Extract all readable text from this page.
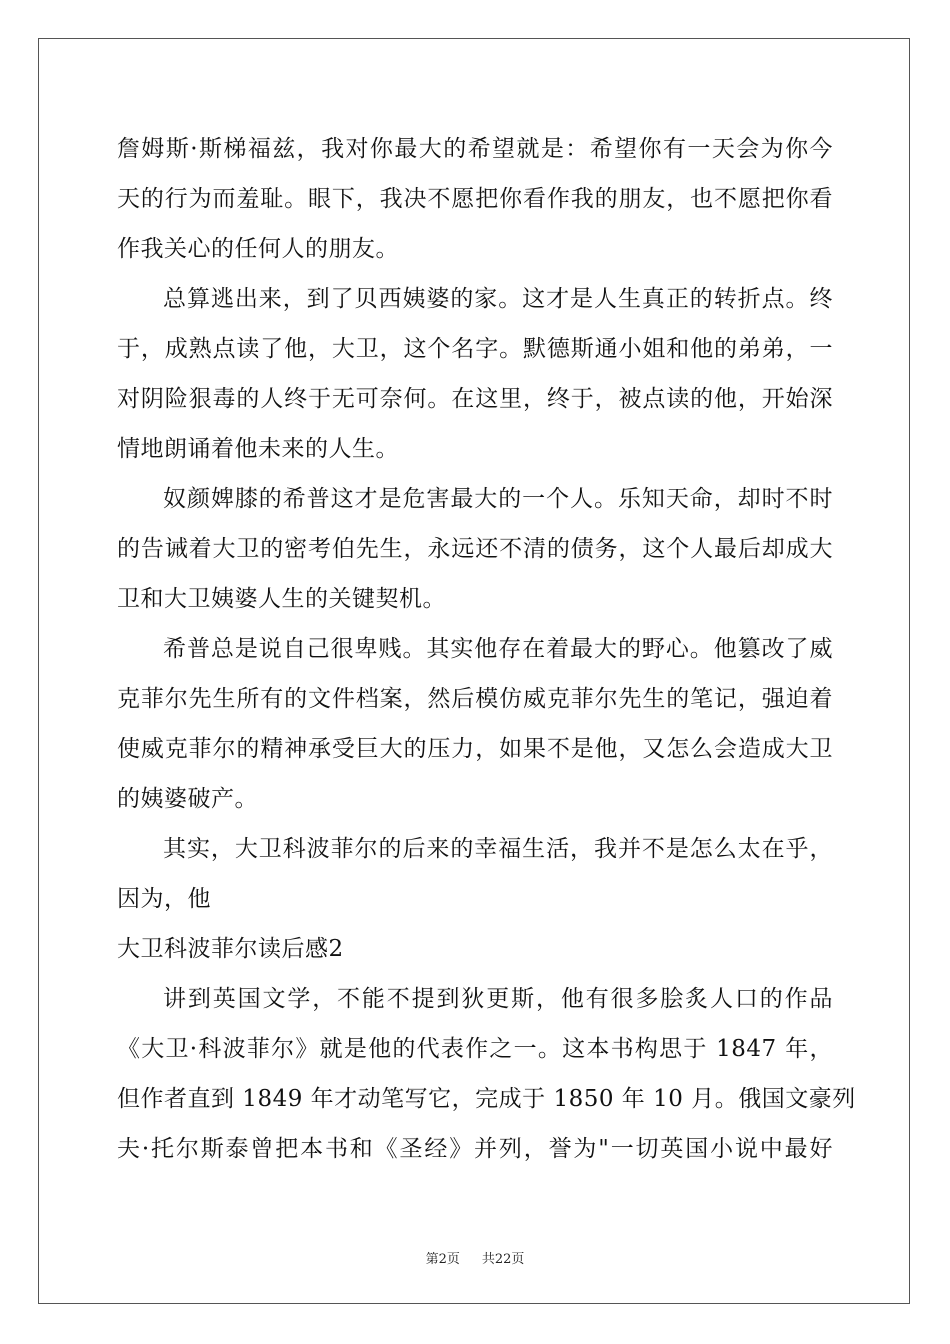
詹姆斯·斯梯福兹，我对你最大的希望就是：希望你有一天会为你今
天的行为而羞耻。眼下，我决不愿把你看作我的朋友，也不愿把你看
作我关心的任何人的朋友。
总算逃出来，到了贝西姨婆的家。这才是人生真正的转折点。终
于，成熟点读了他，大卫，这个名字。默德斯通小姐和他的弟弟，一
对阴险狠毒的人终于无可奈何。在这里，终于，被点读的他，开始深
情地朗诵着他未来的人生。
奴颜婢膝的希普这才是危害最大的一个人。乐知天命，却时不时
的告诫着大卫的密考伯先生，永远还不清的债务，这个人最后却成大
卫和大卫姨婆人生的关键契机。
希普总是说自己很卑贱。其实他存在着最大的野心。他篡改了威
克菲尔先生所有的文件档案，然后模仿威克菲尔先生的笔记，强迫着
使威克菲尔的精神承受巨大的压力，如果不是他，又怎么会造成大卫
的姨婆破产。
其实，大卫科波菲尔的后来的幸福生活，我并不是怎么太在乎，
因为，他
大卫科波菲尔读后感2
讲到英国文学，不能不提到狄更斯，他有很多脍炙人口的作品
《大卫·科波菲尔》就是他的代表作之一。这本书构思于 1847 年，
但作者直到 1849 年才动笔写它，完成于 1850 年 10 月。俄国文豪列
夫·托尔斯泰曾把本书和《圣经》并列，誉为"一切英国小说中最好
第2页 共22页
